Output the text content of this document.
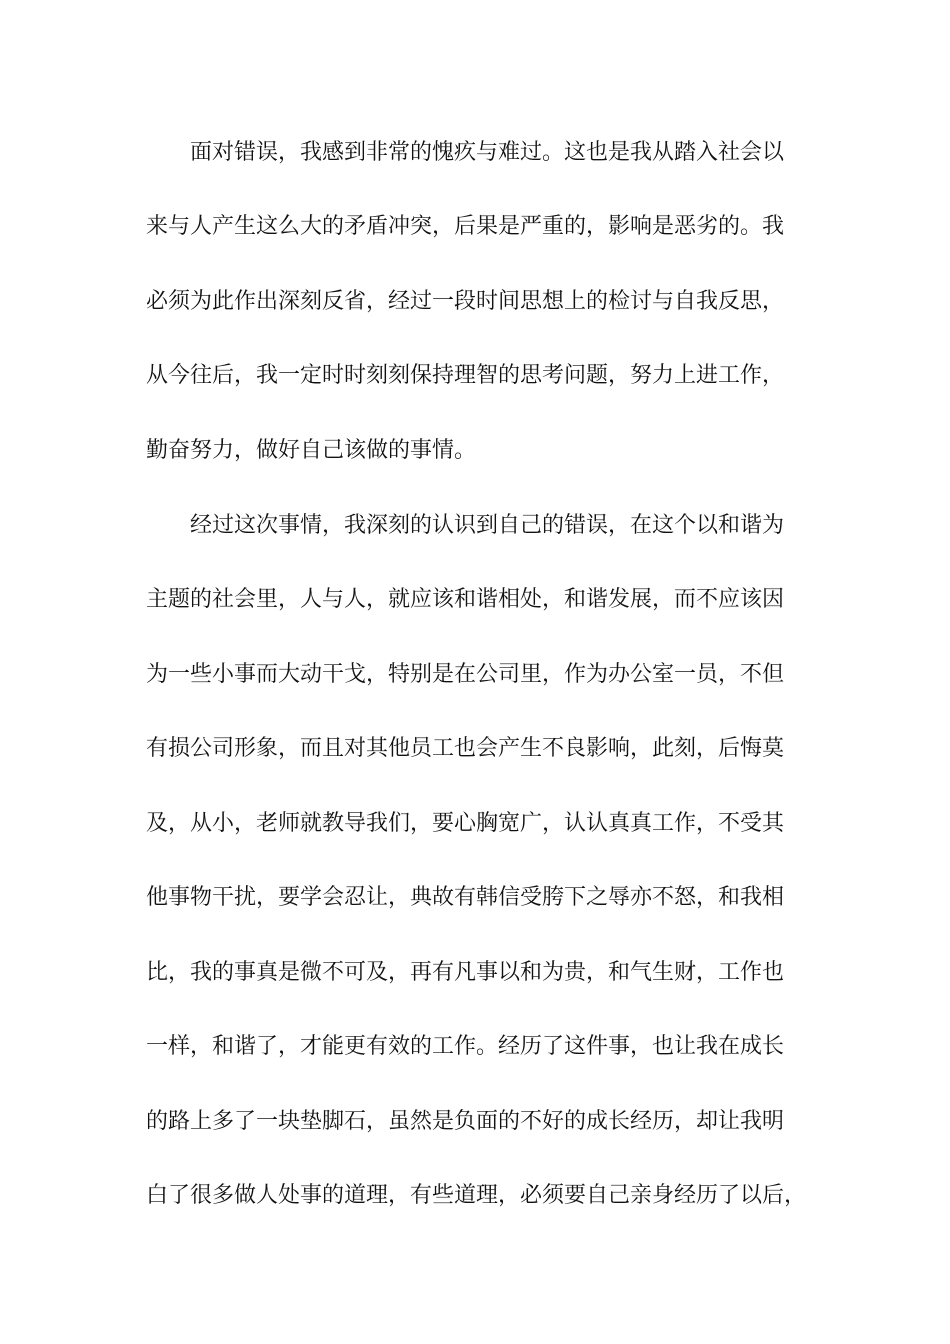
面对错误，我感到非常的愧疚与难过。这也是我从踏入社会以
来与人产生这么大的矛盾冲突，后果是严重的，影响是恶劣的。我
必须为此作出深刻反省，经过一段时间思想上的检讨与自我反思，
从今往后，我一定时时刻刻保持理智的思考问题，努力上进工作，
勤奋努力，做好自己该做的事情。
经过这次事情，我深刻的认识到自己的错误，在这个以和谐为
主题的社会里，人与人，就应该和谐相处，和谐发展，而不应该因
为一些小事而大动干戈，特别是在公司里，作为办公室一员，不但
有损公司形象，而且对其他员工也会产生不良影响，此刻，后悔莫
及，从小，老师就教导我们，要心胸宽广，认认真真工作，不受其
他事物干扰，要学会忍让，典故有韩信受胯下之辱亦不怒，和我相
比，我的事真是微不可及，再有凡事以和为贵，和气生财，工作也
一样，和谐了，才能更有效的工作。经历了这件事，也让我在成长
的路上多了一块垫脚石，虽然是负面的不好的成长经历，却让我明
白了很多做人处事的道理，有些道理，必须要自己亲身经历了以后，
